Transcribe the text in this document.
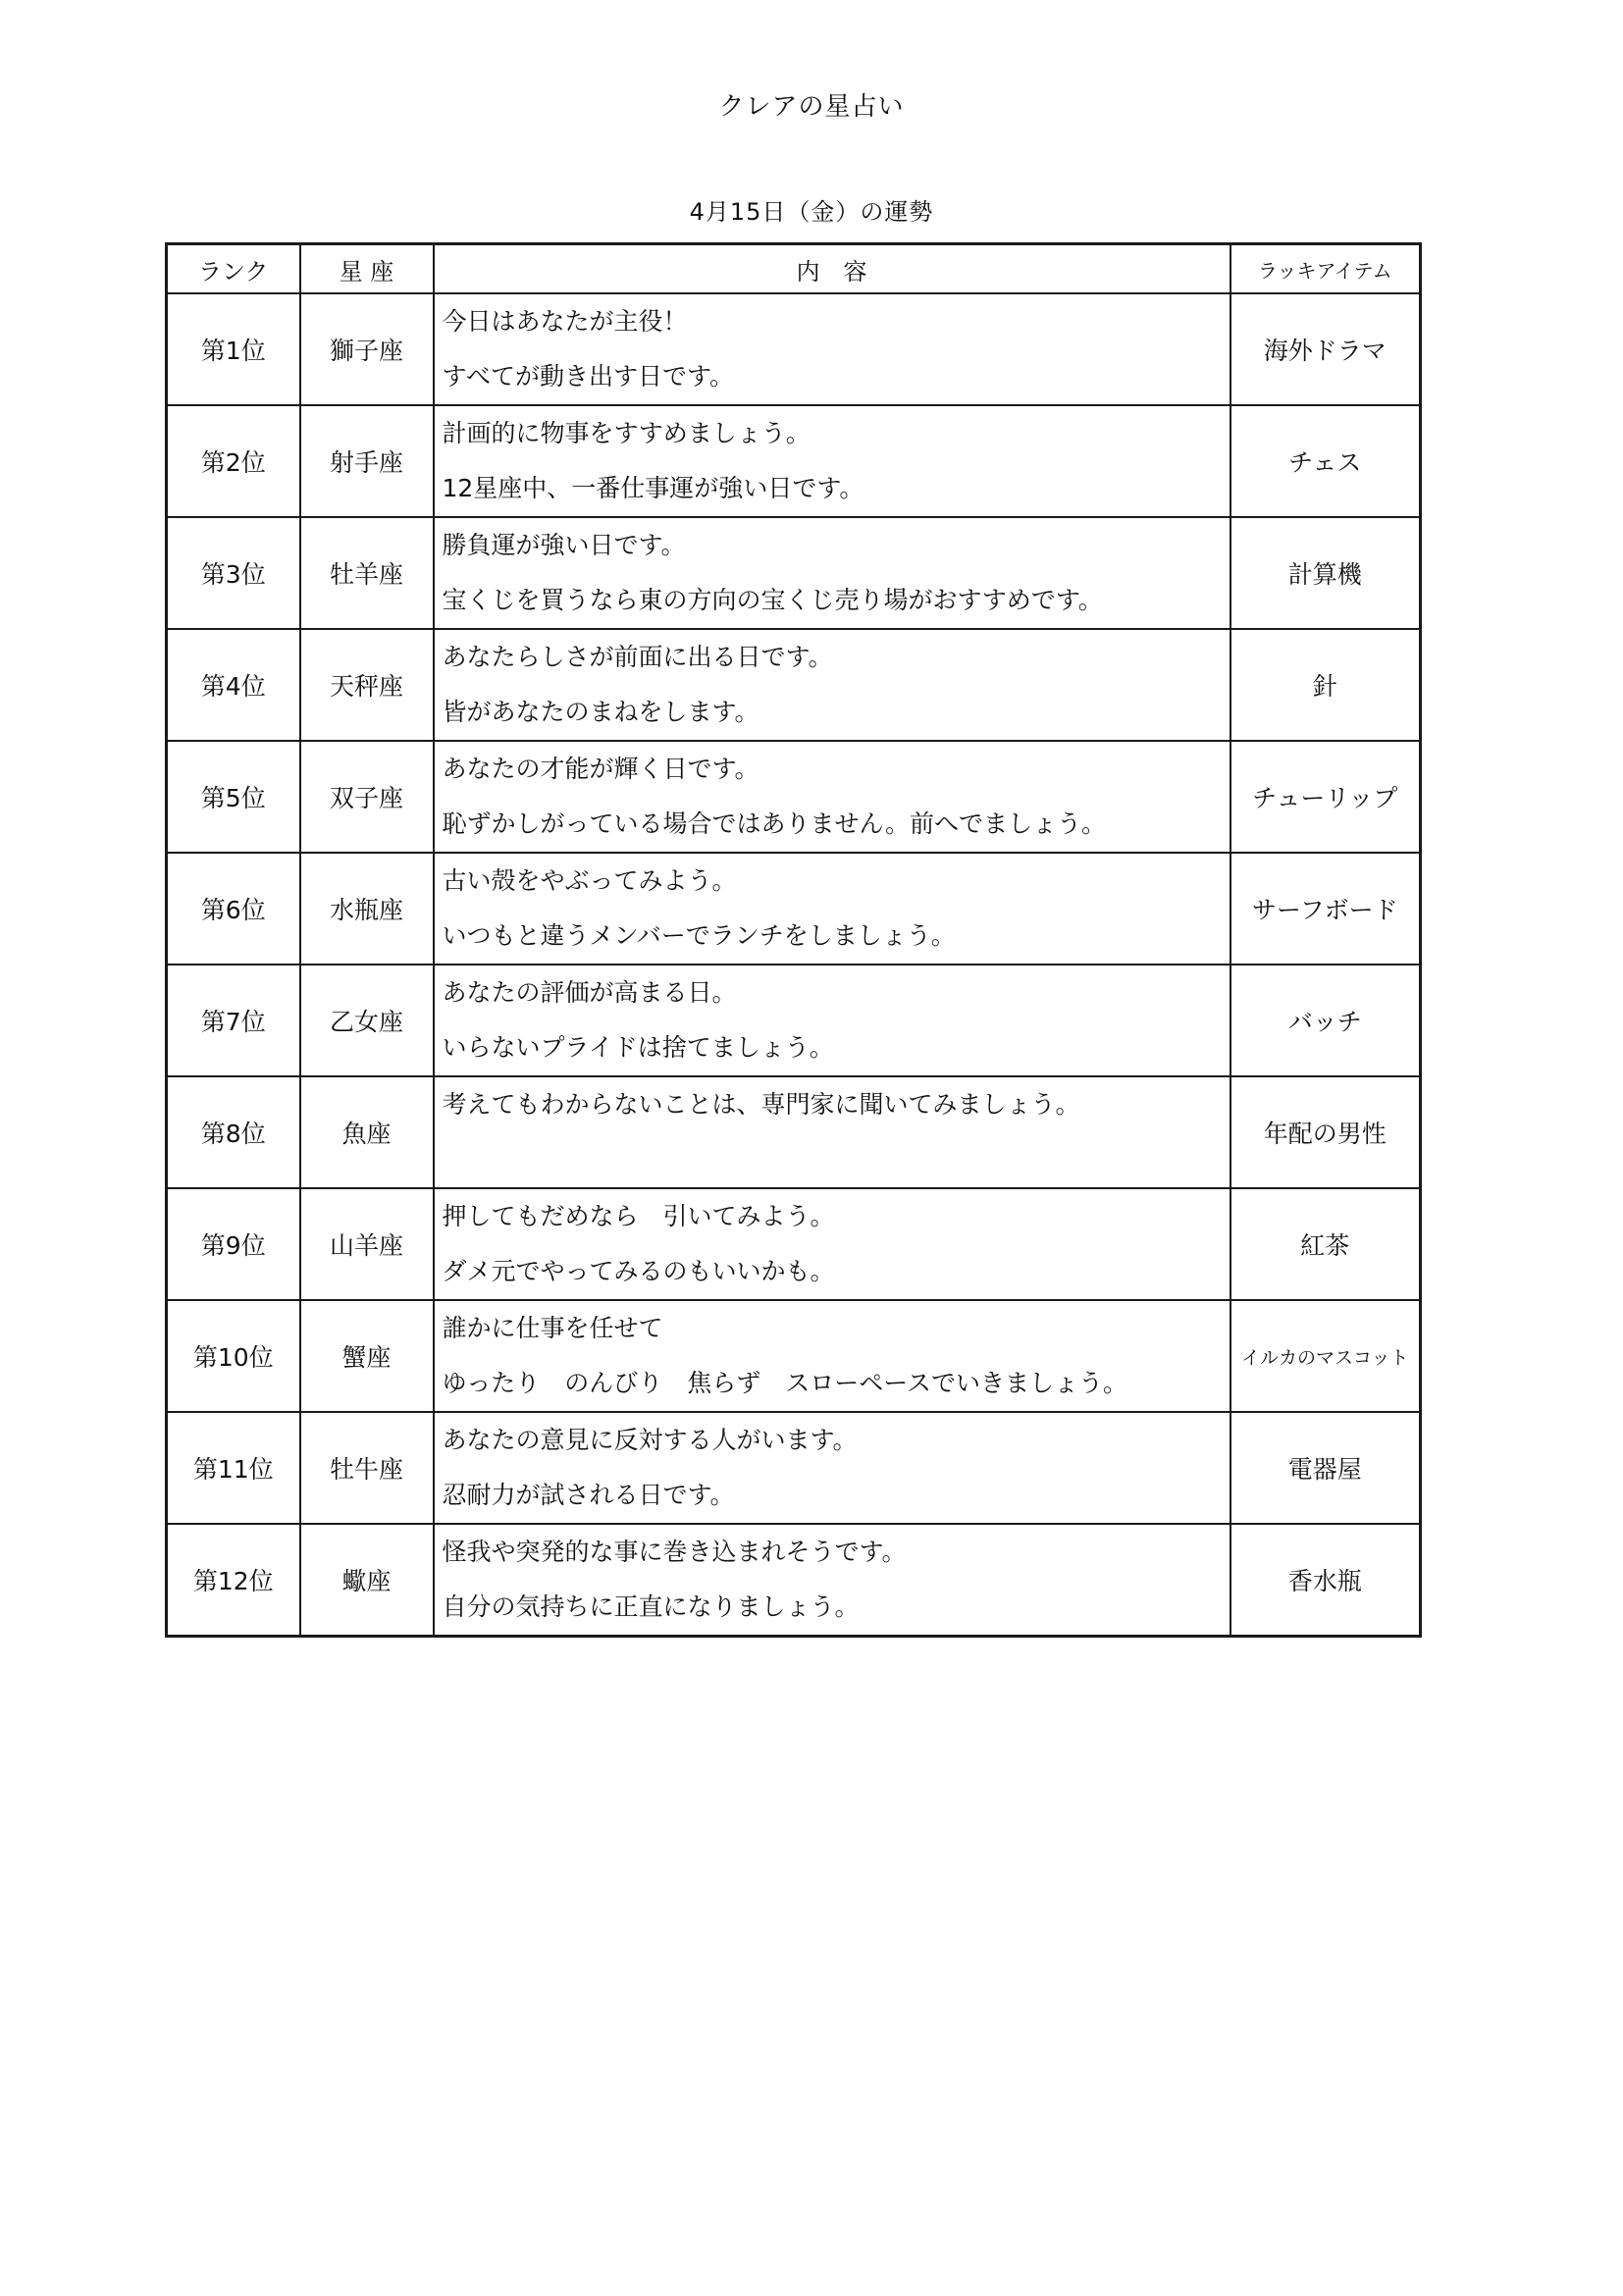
クレアの星占い
4月15日（金）の運勢
ランク	星 座	内　容	ラッキアイテム
第1位	獅子座	今日はあなたが主役！
すべてが動き出す日です。	海外ドラマ
第2位	射手座	計画的に物事をすすめましょう。
12星座中、一番仕事運が強い日です。	チェス
第3位	牡羊座	勝負運が強い日です。
宝くじを買うなら東の方向の宝くじ売り場がおすすめです。	計算機
第4位	天秤座	あなたらしさが前面に出る日です。
皆があなたのまねをします。	針
第5位	双子座	あなたの才能が輝く日です。
恥ずかしがっている場合ではありません。前へでましょう。	チューリップ
第6位	水瓶座	古い殻をやぶってみよう。
いつもと違うメンバーでランチをしましょう。	サーフボード
第7位	乙女座	あなたの評価が高まる日。
いらないプライドは捨てましょう。	バッチ
第8位	魚座	考えてもわからないことは、専門家に聞いてみましょう。	年配の男性
第9位	山羊座	押してもだめなら　引いてみよう。
ダメ元でやってみるのもいいかも。	紅茶
第10位	蟹座	誰かに仕事を任せて
ゆったり　のんびり　焦らず　スローペースでいきましょう。	イルカのマスコット
第11位	牡牛座	あなたの意見に反対する人がいます。
忍耐力が試される日です。	電器屋
第12位	蠍座	怪我や突発的な事に巻き込まれそうです。
自分の気持ちに正直になりましょう。	香水瓶
